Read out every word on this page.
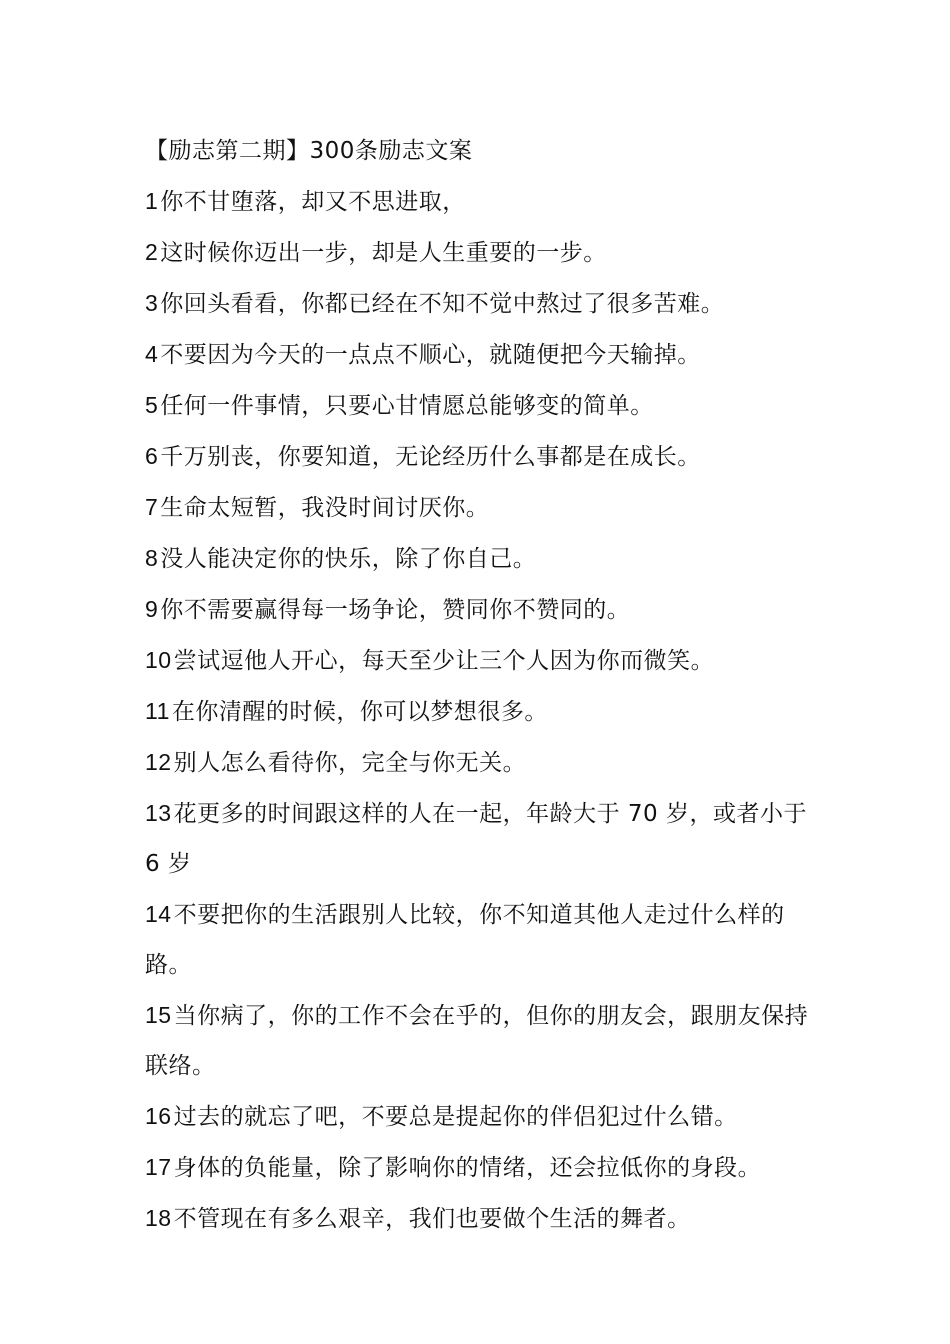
【励志第二期】300条励志文案

1你不甘堕落，却又不思进取，

2这时候你迈出一步，却是人生重要的一步。

3你回头看看，你都已经在不知不觉中熬过了很多苦难。

4不要因为今天的一点点不顺心，就随便把今天输掉。

5任何一件事情，只要心甘情愿总能够变的简单。

6千万别丧，你要知道，无论经历什么事都是在成长。

7生命太短暂，我没时间讨厌你。

8没人能决定你的快乐，除了你自己。

9你不需要赢得每一场争论，赞同你不赞同的。

10尝试逗他人开心，每天至少让三个人因为你而微笑。

11在你清醒的时候，你可以梦想很多。

12别人怎么看待你，完全与你无关。

13花更多的时间跟这样的人在一起，年龄大于 70 岁，或者小于 6 岁

14不要把你的生活跟别人比较，你不知道其他人走过什么样的路。

15当你病了，你的工作不会在乎的，但你的朋友会，跟朋友保持联络。

16过去的就忘了吧，不要总是提起你的伴侣犯过什么错。

17身体的负能量，除了影响你的情绪，还会拉低你的身段。

18不管现在有多么艰辛，我们也要做个生活的舞者。
